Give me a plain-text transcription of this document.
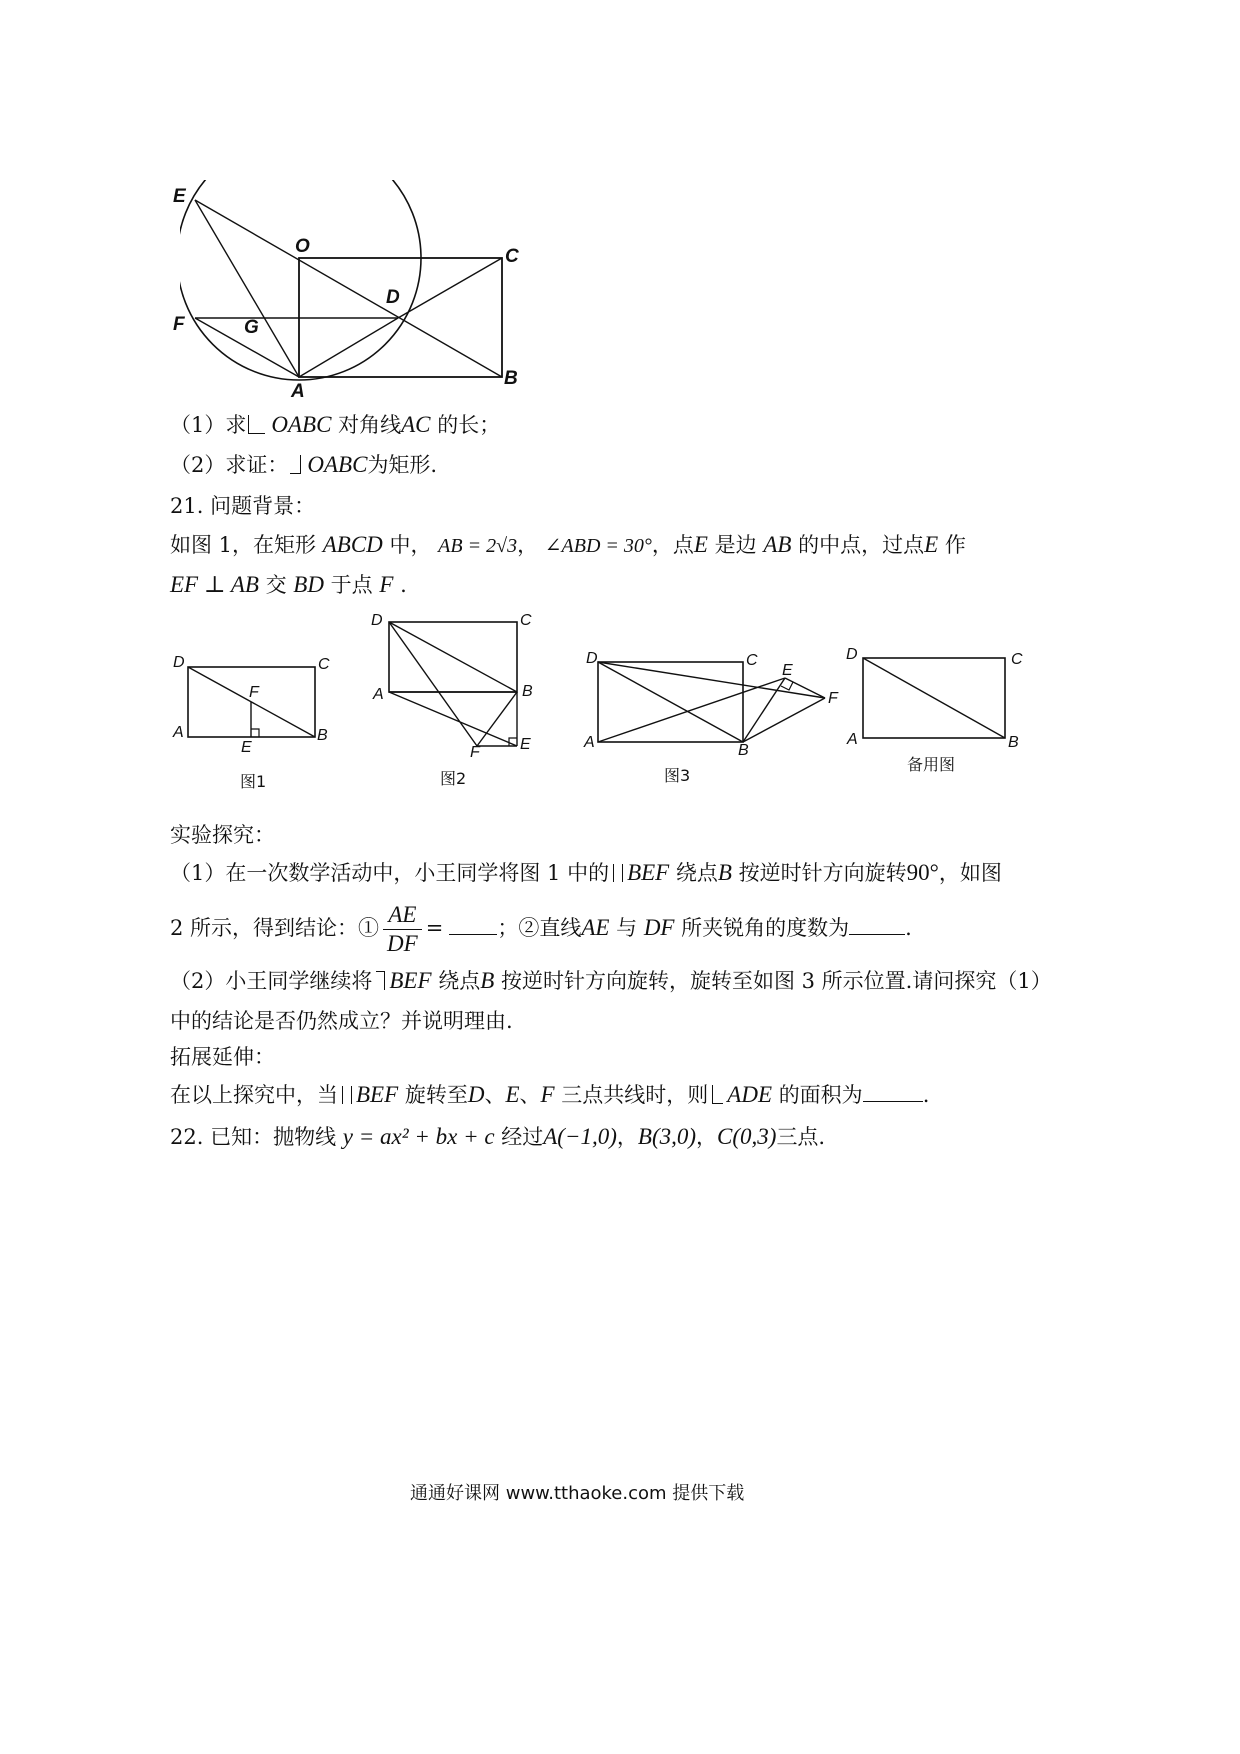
E
O	C
D
F	G
A
B
（1）求 OABC 对角线AC 的长；
（2）求证： OABC为矩形.
21. 问题背景：
如图 1，在矩形 ABCD 中， AB = 2√3， ∠ABD = 30°，点E 是边 AB 的中点，过点E 作
EF ⊥ AB 交 BD 于点 F .
D	C
F
A
E
B
图1
D	C
A	B
F	E
图2
D	C
E
F
A	B
图3
D	C
A	B
备用图
实验探究：
（1）在一次数学活动中，小王同学将图 1 中的 BEF 绕点B 按逆时针方向旋转90°，如图
2 所示，得到结论：① $\frac{AE}{DF}$ =	；②直线AE 与 DF 所夹锐角的度数为	.
（2）小王同学继续将 BEF 绕点B 按逆时针方向旋转，旋转至如图 3 所示位置.请问探究（1）
中的结论是否仍然成立？并说明理由.
拓展延伸：
在以上探究中，当 BEF 旋转至D、E、F 三点共线时，则 ADE 的面积为	.
22. 已知：抛物线 y = ax² + bx + c 经过A(−1,0)，B(3,0)，C(0,3)三点.
通通好课网 www.tthaoke.com 提供下载
